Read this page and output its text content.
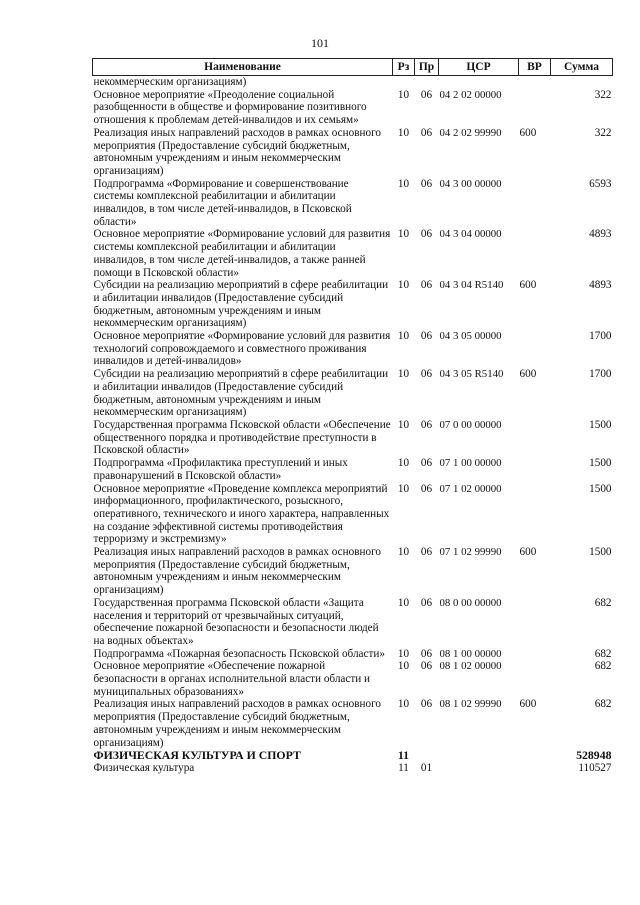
101
Наименование	Рз	Пр	ЦСР	ВР	Сумма
некоммерческим организациям)					
Основное мероприятие «Преодоление социальной разобщенности в обществе и формирование позитивного отношения к проблемам детей-инвалидов и их семьям»	10	06	04 2 02 00000		322
Реализация иных направлений расходов в рамках основного мероприятия (Предоставление субсидий бюджетным, автономным учреждениям и иным некоммерческим организациям)	10	06	04 2 02 99990	600	322
Подпрограмма «Формирование и совершенствование системы комплексной реабилитации и абилитации инвалидов, в том числе детей-инвалидов, в Псковской области»	10	06	04 3 00 00000		6593
Основное мероприятие «Формирование условий для развития системы комплексной реабилитации и абилитации инвалидов, в том числе детей-инвалидов, а также ранней помощи в Псковской области»	10	06	04 3 04 00000		4893
Субсидии на реализацию мероприятий в сфере реабилитации и абилитации инвалидов (Предоставление субсидий бюджетным, автономным учреждениям и иным некоммерческим организациям)	10	06	04 3 04 R5140	600	4893
Основное мероприятие «Формирование условий для развития технологий сопровождаемого и совместного проживания инвалидов и детей-инвалидов»	10	06	04 3 05 00000		1700
Субсидии на реализацию мероприятий в сфере реабилитации и абилитации инвалидов (Предоставление субсидий бюджетным, автономным учреждениям и иным некоммерческим организациям)	10	06	04 3 05 R5140	600	1700
Государственная программа Псковской области «Обеспечение общественного порядка и противодействие преступности в Псковской области»	10	06	07 0 00 00000		1500
Подпрограмма «Профилактика преступлений и иных правонарушений в Псковской области»	10	06	07 1 00 00000		1500
Основное мероприятие «Проведение комплекса мероприятий информационного, профилактического, розыскного, оперативного, технического и иного характера, направленных на создание эффективной системы противодействия терроризму и экстремизму»	10	06	07 1 02 00000		1500
Реализация иных направлений расходов в рамках основного мероприятия (Предоставление субсидий бюджетным, автономным учреждениям и иным некоммерческим организациям)	10	06	07 1 02 99990	600	1500
Государственная программа Псковской области «Защита населения и территорий от чрезвычайных ситуаций, обеспечение пожарной безопасности и безопасности людей на водных объектах»	10	06	08 0 00 00000		682
Подпрограмма «Пожарная безопасность Псковской области»	10	06	08 1 00 00000		682
Основное мероприятие «Обеспечение пожарной безопасности в органах исполнительной власти области и муниципальных образованиях»	10	06	08 1 02 00000		682
Реализация иных направлений расходов в рамках основного мероприятия (Предоставление субсидий бюджетным, автономным учреждениям и иным некоммерческим организациям)	10	06	08 1 02 99990	600	682
ФИЗИЧЕСКАЯ КУЛЬТУРА И СПОРТ	11				528948
Физическая культура	11	01			110527
